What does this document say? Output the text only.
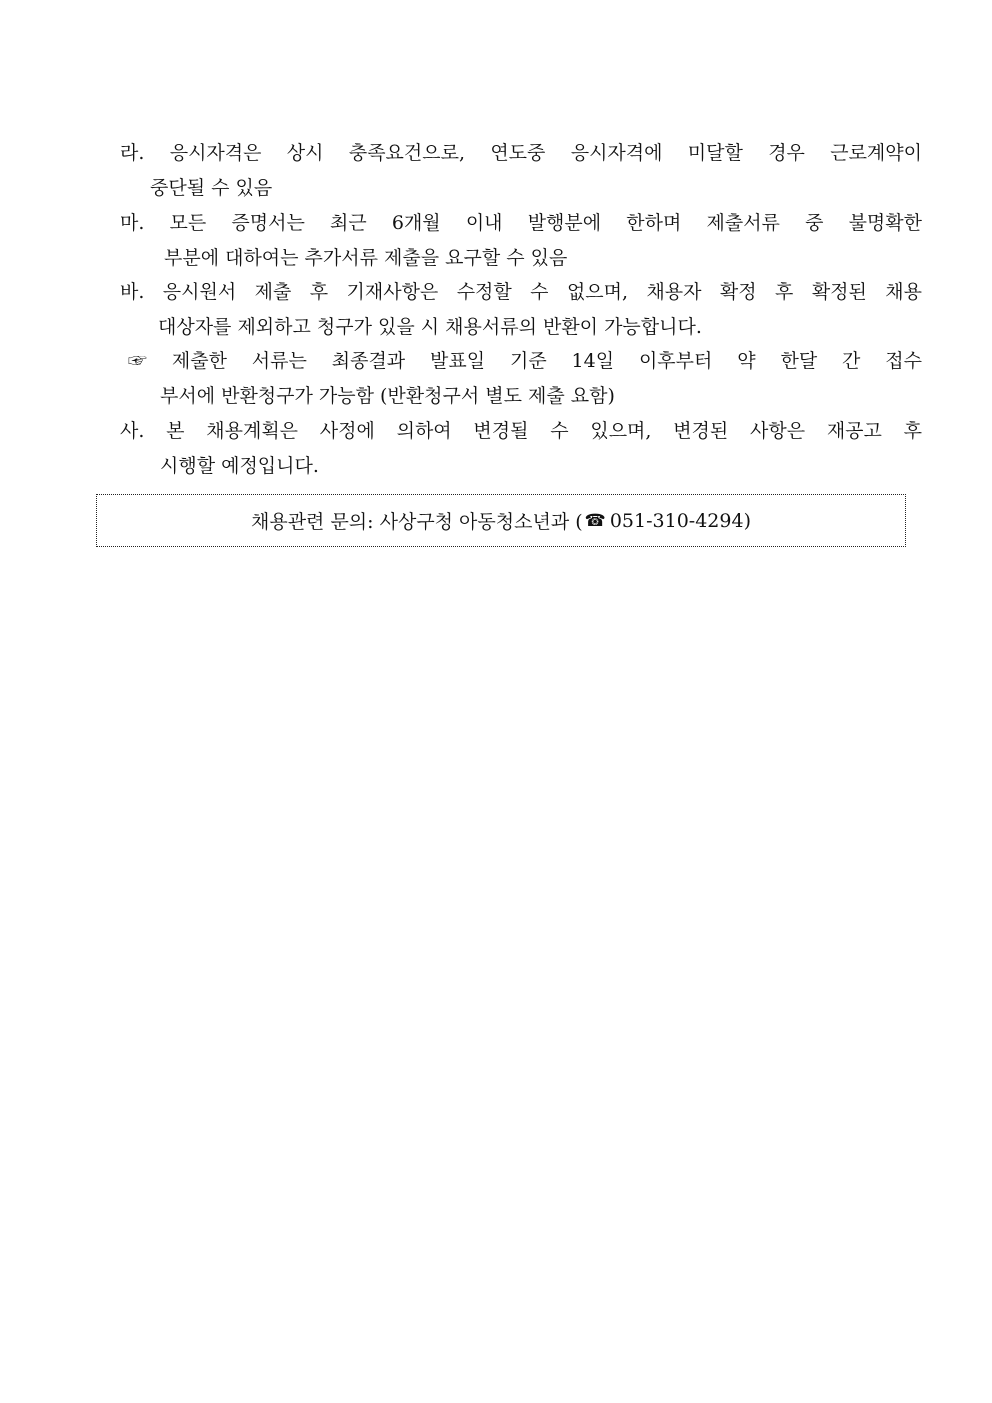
라. 응시자격은 상시 충족요건으로, 연도중 응시자격에 미달할 경우 근로계약이
중단될 수 있음
마. 모든 증명서는 최근 6개월 이내 발행분에 한하며 제출서류 중 불명확한
부분에 대하여는 추가서류 제출을 요구할 수 있음
바. 응시원서 제출 후 기재사항은 수정할 수 없으며, 채용자 확정 후 확정된 채용
대상자를 제외하고 청구가 있을 시 채용서류의 반환이 가능합니다.
☞ 제출한 서류는 최종결과 발표일 기준 14일 이후부터 약 한달 간 접수
부서에 반환청구가 가능함 (반환청구서 별도 제출 요함)
사. 본 채용계획은 사정에 의하여 변경될 수 있으며, 변경된 사항은 재공고 후
시행할 예정입니다.
채용관련 문의: 사상구청 아동청소년과 ( ☎ 051-310-4294 )
